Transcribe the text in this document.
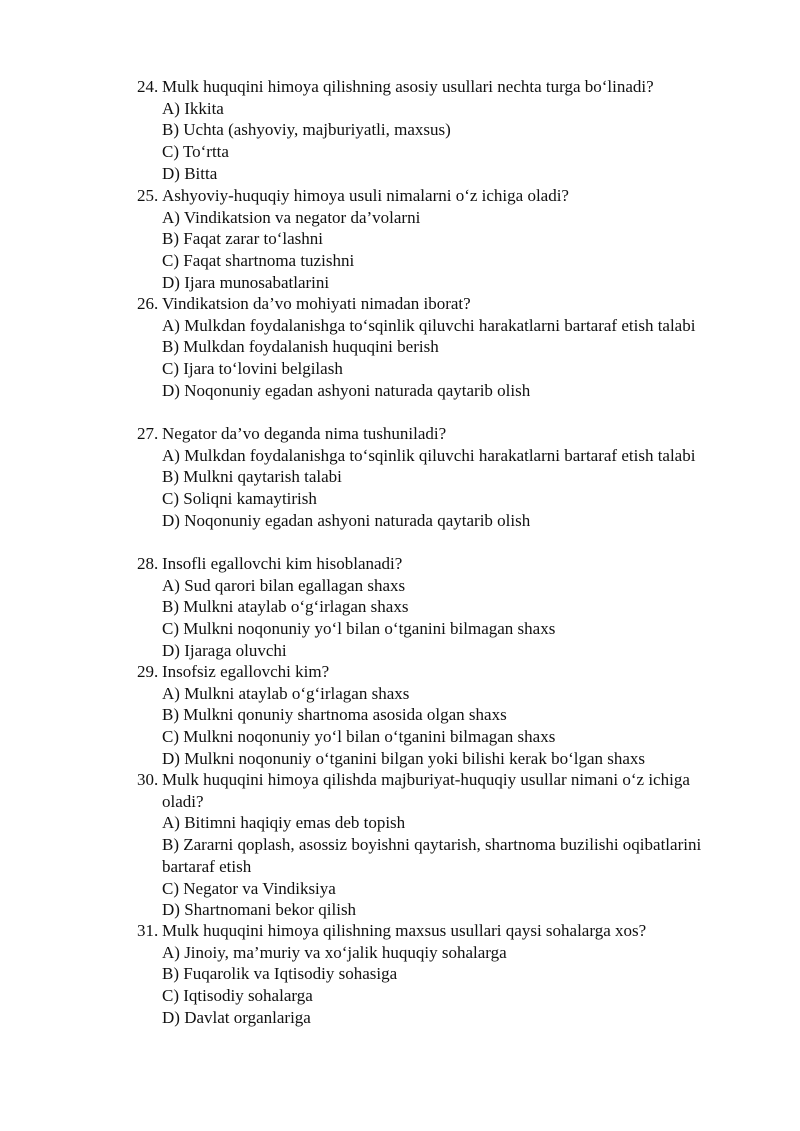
24. Mulk huquqini himoya qilishning asosiy usullari nechta turga bo‘linadi?
A) Ikkita
B) Uchta (ashyoviy, majburiyatli, maxsus)
C) To‘rtta
D) Bitta
25. Ashyoviy-huquqiy himoya usuli nimalarni o‘z ichiga oladi?
A) Vindikatsion va negator da’volarni
B) Faqat zarar to‘lashni
C) Faqat shartnoma tuzishni
D) Ijara munosabatlarini
26. Vindikatsion da’vo mohiyati nimadan iborat?
A) Mulkdan foydalanishga to‘sqinlik qiluvchi harakatlarni bartaraf etish talabi
B) Mulkdan foydalanish huquqini berish
C) Ijara to‘lovini belgilash
D) Noqonuniy egadan ashyoni naturada qaytarib olish
27. Negator da’vo deganda nima tushuniladi?
A) Mulkdan foydalanishga to‘sqinlik qiluvchi harakatlarni bartaraf etish talabi
B) Mulkni qaytarish talabi
C) Soliqni kamaytirish
D) Noqonuniy egadan ashyoni naturada qaytarib olish
28. Insofli egallovchi kim hisoblanadi?
A) Sud qarori bilan egallagan shaxs
B) Mulkni ataylab o‘g‘irlagan shaxs
C) Mulkni noqonuniy yo‘l bilan o‘tganini bilmagan shaxs
D) Ijaraga oluvchi
29. Insofsiz egallovchi kim?
A) Mulkni ataylab o‘g‘irlagan shaxs
B) Mulkni qonuniy shartnoma asosida olgan shaxs
C) Mulkni noqonuniy yo‘l bilan o‘tganini bilmagan shaxs
D) Mulkni noqonuniy o‘tganini bilgan yoki bilishi kerak bo‘lgan shaxs
30. Mulk huquqini himoya qilishda majburiyat-huquqiy usullar nimani o‘z ichiga oladi?
A) Bitimni haqiqiy emas deb topish
B) Zararni qoplash, asossiz boyishni qaytarish, shartnoma buzilishi oqibatlarini bartaraf etish
C) Negator va Vindiksiya
D) Shartnomani bekor qilish
31. Mulk huquqini himoya qilishning maxsus usullari qaysi sohalarga xos?
A) Jinoiy, ma’muriy va xo‘jalik huquqiy sohalarga
B) Fuqarolik va Iqtisodiy sohasiga
C) Iqtisodiy sohalarga
D) Davlat organlariga
